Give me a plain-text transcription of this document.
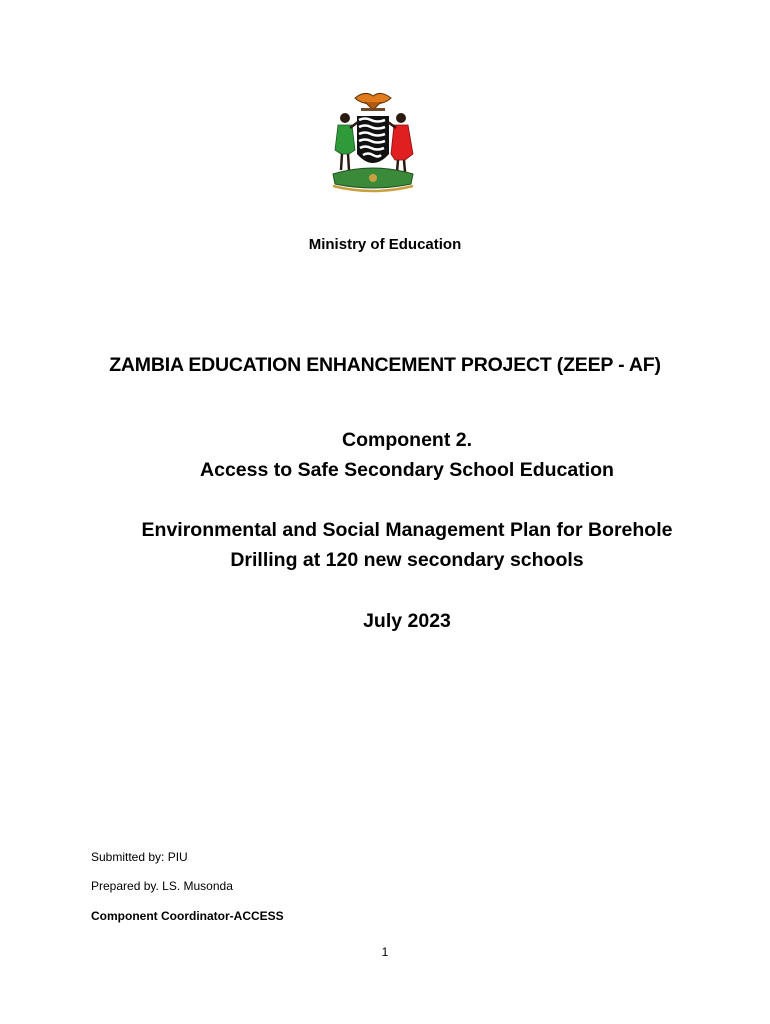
Ministry of Education
ZAMBIA EDUCATION ENHANCEMENT PROJECT (ZEEP - AF)
Component 2.
Access to Safe Secondary School Education
Environmental and Social Management Plan for Borehole
Drilling at 120 new secondary schools
July 2023
Submitted by: PIU
Prepared by. LS. Musonda
Component Coordinator-ACCESS
1
